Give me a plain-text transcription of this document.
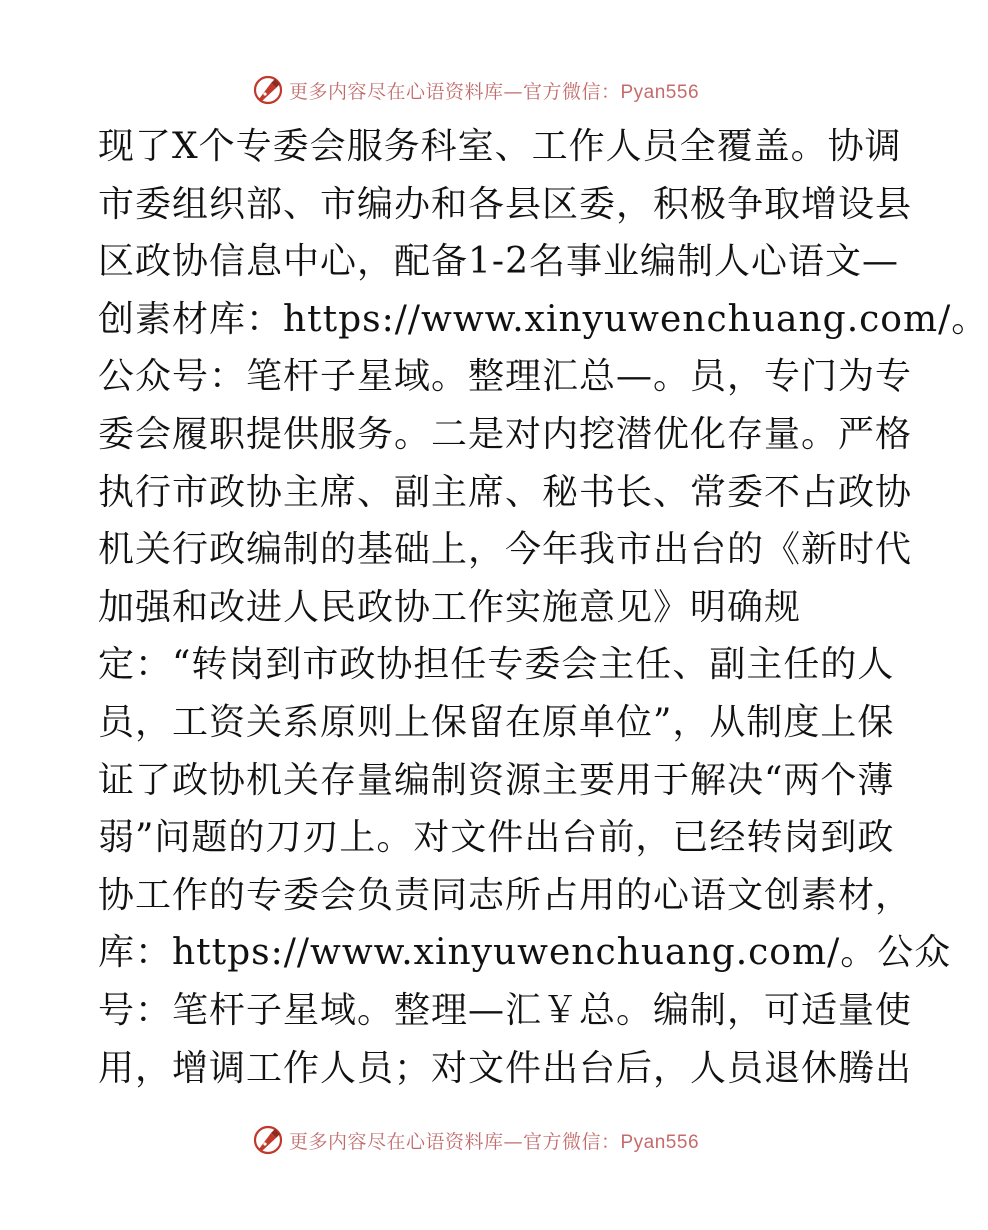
更多内容尽在心语资料库—官方微信：Pyan556
现了X个专委会服务科室、工作人员全覆盖。协调
市委组织部、市编办和各县区委，积极争取增设县
区政协信息中心，配备1-2名事业编制人心语文—
创素材库：https://www.xinyuwenchuang.com/。
公众号：笔杆子星域。整理汇总—。员，专门为专
委会履职提供服务。二是对内挖潜优化存量。严格
执行市政协主席、副主席、秘书长、常委不占政协
机关行政编制的基础上，今年我市出台的《新时代
加强和改进人民政协工作实施意见》明确规
定：“转岗到市政协担任专委会主任、副主任的人
员，工资关系原则上保留在原单位”，从制度上保
证了政协机关存量编制资源主要用于解决“两个薄
弱”问题的刀刃上。对文件出台前，已经转岗到政
协工作的专委会负责同志所占用的心语文创素材，
库：https://www.xinyuwenchuang.com/。公众
号：笔杆子星域。整理—汇￥总。编制，可适量使
用，增调工作人员；对文件出台后，人员退休腾出
更多内容尽在心语资料库—官方微信：Pyan556
